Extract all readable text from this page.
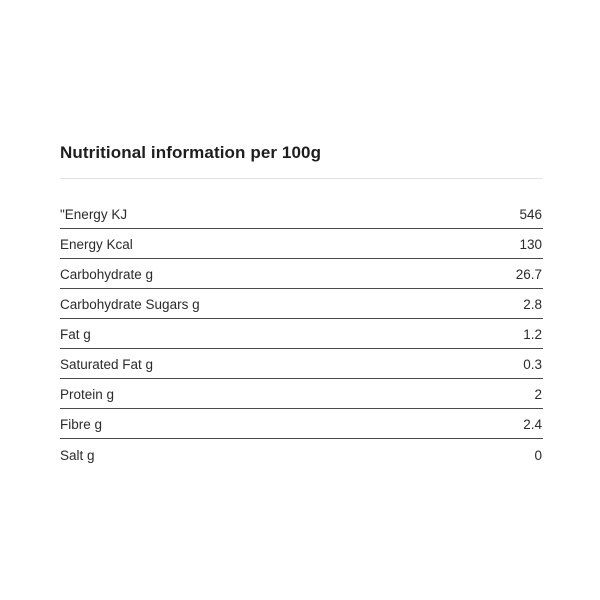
Nutritional information per 100g
"Energy KJ	546
Energy Kcal	130
Carbohydrate g	26.7
Carbohydrate Sugars g	2.8
Fat g	1.2
Saturated Fat g	0.3
Protein g	2
Fibre g	2.4
Salt g	0
